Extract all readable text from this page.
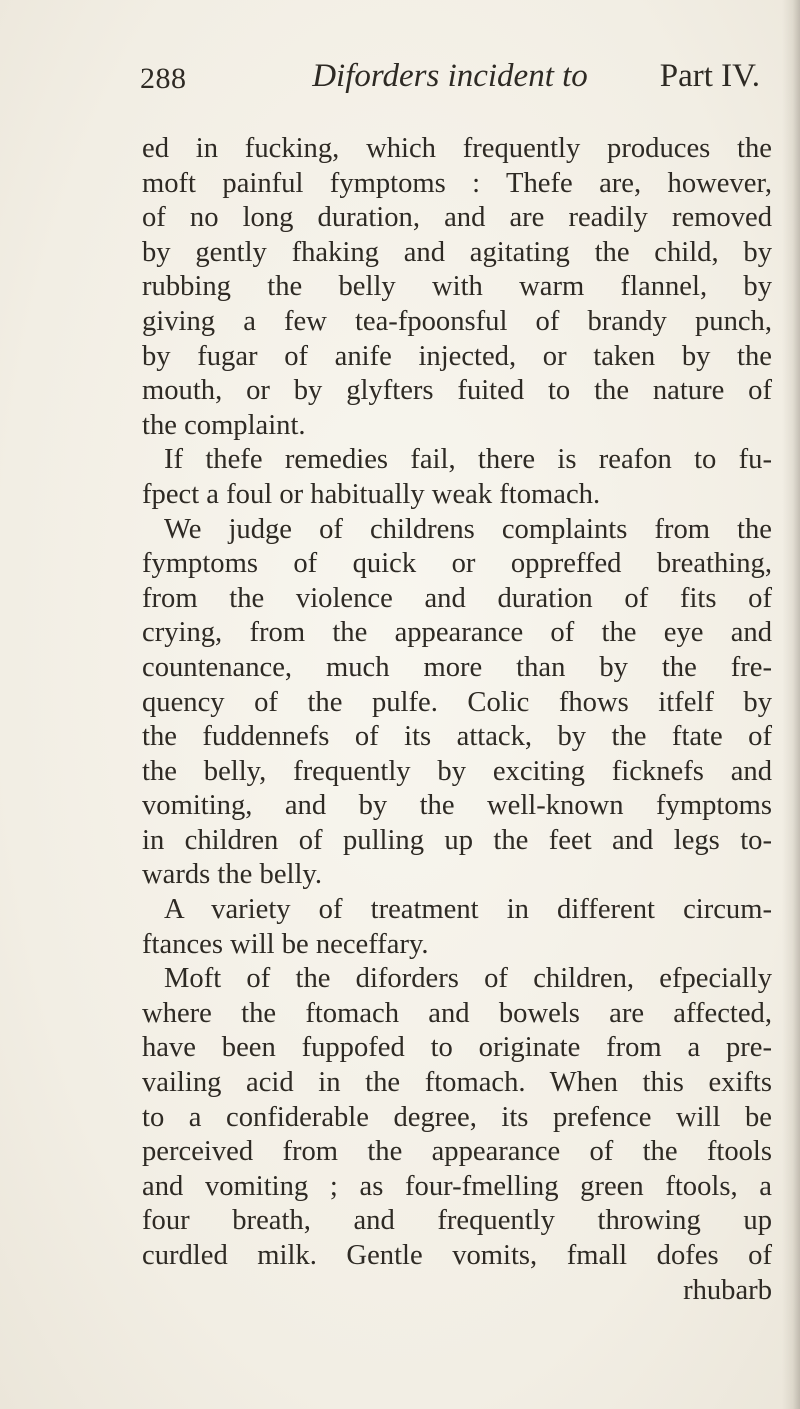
288	Diforders incident to	Part IV.
ed in fucking, which frequently produces the
moft painful fymptoms : Thefe are, however,
of no long duration, and are readily removed
by gently fhaking and agitating the child, by
rubbing the belly with warm flannel, by
giving a few tea-fpoonsful of brandy punch,
by fugar of anife injected, or taken by the
mouth, or by glyfters fuited to the nature of
the complaint.
If thefe remedies fail, there is reafon to fu-
fpect a foul or habitually weak ftomach.
We judge of childrens complaints from the
fymptoms of quick or oppreffed breathing,
from the violence and duration of fits of
crying, from the appearance of the eye and
countenance, much more than by the fre-
quency of the pulfe. Colic fhows itfelf by
the fuddennefs of its attack, by the ftate of
the belly, frequently by exciting ficknefs and
vomiting, and by the well-known fymptoms
in children of pulling up the feet and legs to-
wards the belly.
A variety of treatment in different circum-
ftances will be neceffary.
Moft of the diforders of children, efpecially
where the ftomach and bowels are affected,
have been fuppofed to originate from a pre-
vailing acid in the ftomach. When this exifts
to a confiderable degree, its prefence will be
perceived from the appearance of the ftools
and vomiting ; as four-fmelling green ftools, a
four breath, and frequently throwing up
curdled milk. Gentle vomits, fmall dofes of
rhubarb
